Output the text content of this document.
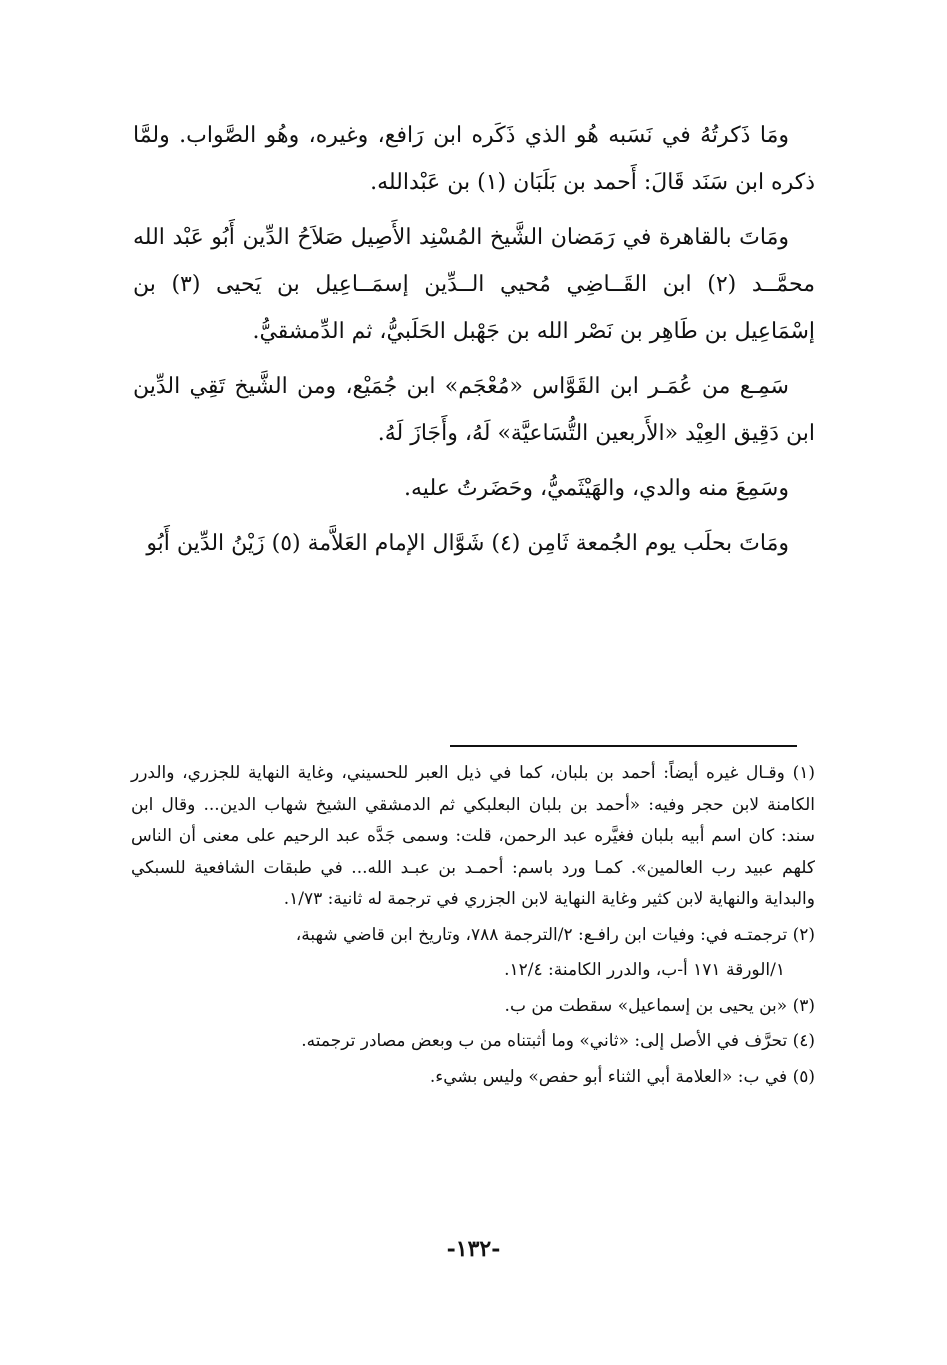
ومَا ذَكرتُهُ في نَسَبه هُو الذي ذَكَره ابن رَافع، وغيره، وهُو الصَّواب. ولمَّا ذكره ابن سَنَد قَالَ: أَحمد بن بَلَبَان (١) بن عَبْدالله.

ومَاتَ بالقاهرة في رَمَضان الشَّيخ المُسْنِد الأَصِيل صَلاَحُ الدِّين أَبُو عَبْد الله محمَّــد (٢) ابن القَــاضِي مُحيي الــدِّين إسمَــاعِيل بن يَحيى (٣) بن إسْمَاعِيل بن طَاهِر بن نَصْر الله بن جَهْبل الحَلَبيُّ، ثم الدِّمشقيُّ.

سَمِـع من عُمَـر ابن القَوَّاس «مُعْجَم» ابن جُمَيْع، ومن الشَّيخ تَقِي الدِّين ابن دَقِيق العِيْد «الأَربعين التُّسَاعيَّة» لَهُ، وأَجَازَ لَهُ.

وسَمِعَ منه والدي، والهَيْثَميُّ، وحَضَرتُ عليه.

ومَاتَ بحلَب يوم الجُمعة ثَامِن (٤) شَوَّال الإمام العَلاَّمة (٥) زَيْنُ الدِّين أَبُو

(١) وقـال غيره أيضاً: أحمد بن بلبان، كما في ذيل العبر للحسيني، وغاية النهاية للجزري، والدرر الكامنة لابن حجر وفيه: «أحمد بن بلبان البعلبكي ثم الدمشقي الشيخ شهاب الدين... وقال ابن سند: كان اسم أبيه بلبان فغيَّره عبد الرحمن، قلت: وسمى جَدَّه عبد الرحيم على معنى أن الناس كلهم عبيد رب العالمين». كمـا ورد باسم: أحمـد بن عبـد الله... في طبقات الشافعية للسبكي والبداية والنهاية لابن كثير وغاية النهاية لابن الجزري في ترجمة له ثانية: ١/٧٣.
(٢) ترجمتـه في: وفيات ابن رافـع: ٢/الترجمة ٧٨٨، وتاريخ ابن قاضي شهبة،
١/الورقة ١٧١ أ-ب، والدرر الكامنة: ١٢/٤.
(٣) «بن يحيى بن إسماعيل» سقطت من ب.
(٤) تحرَّف في الأصل إلى: «ثاني» وما أثبتناه من ب وبعض مصادر ترجمته.
(٥) في ب: «العلامة أبي الثناء أبو حفص» وليس بشيء.
-١٣٢-
